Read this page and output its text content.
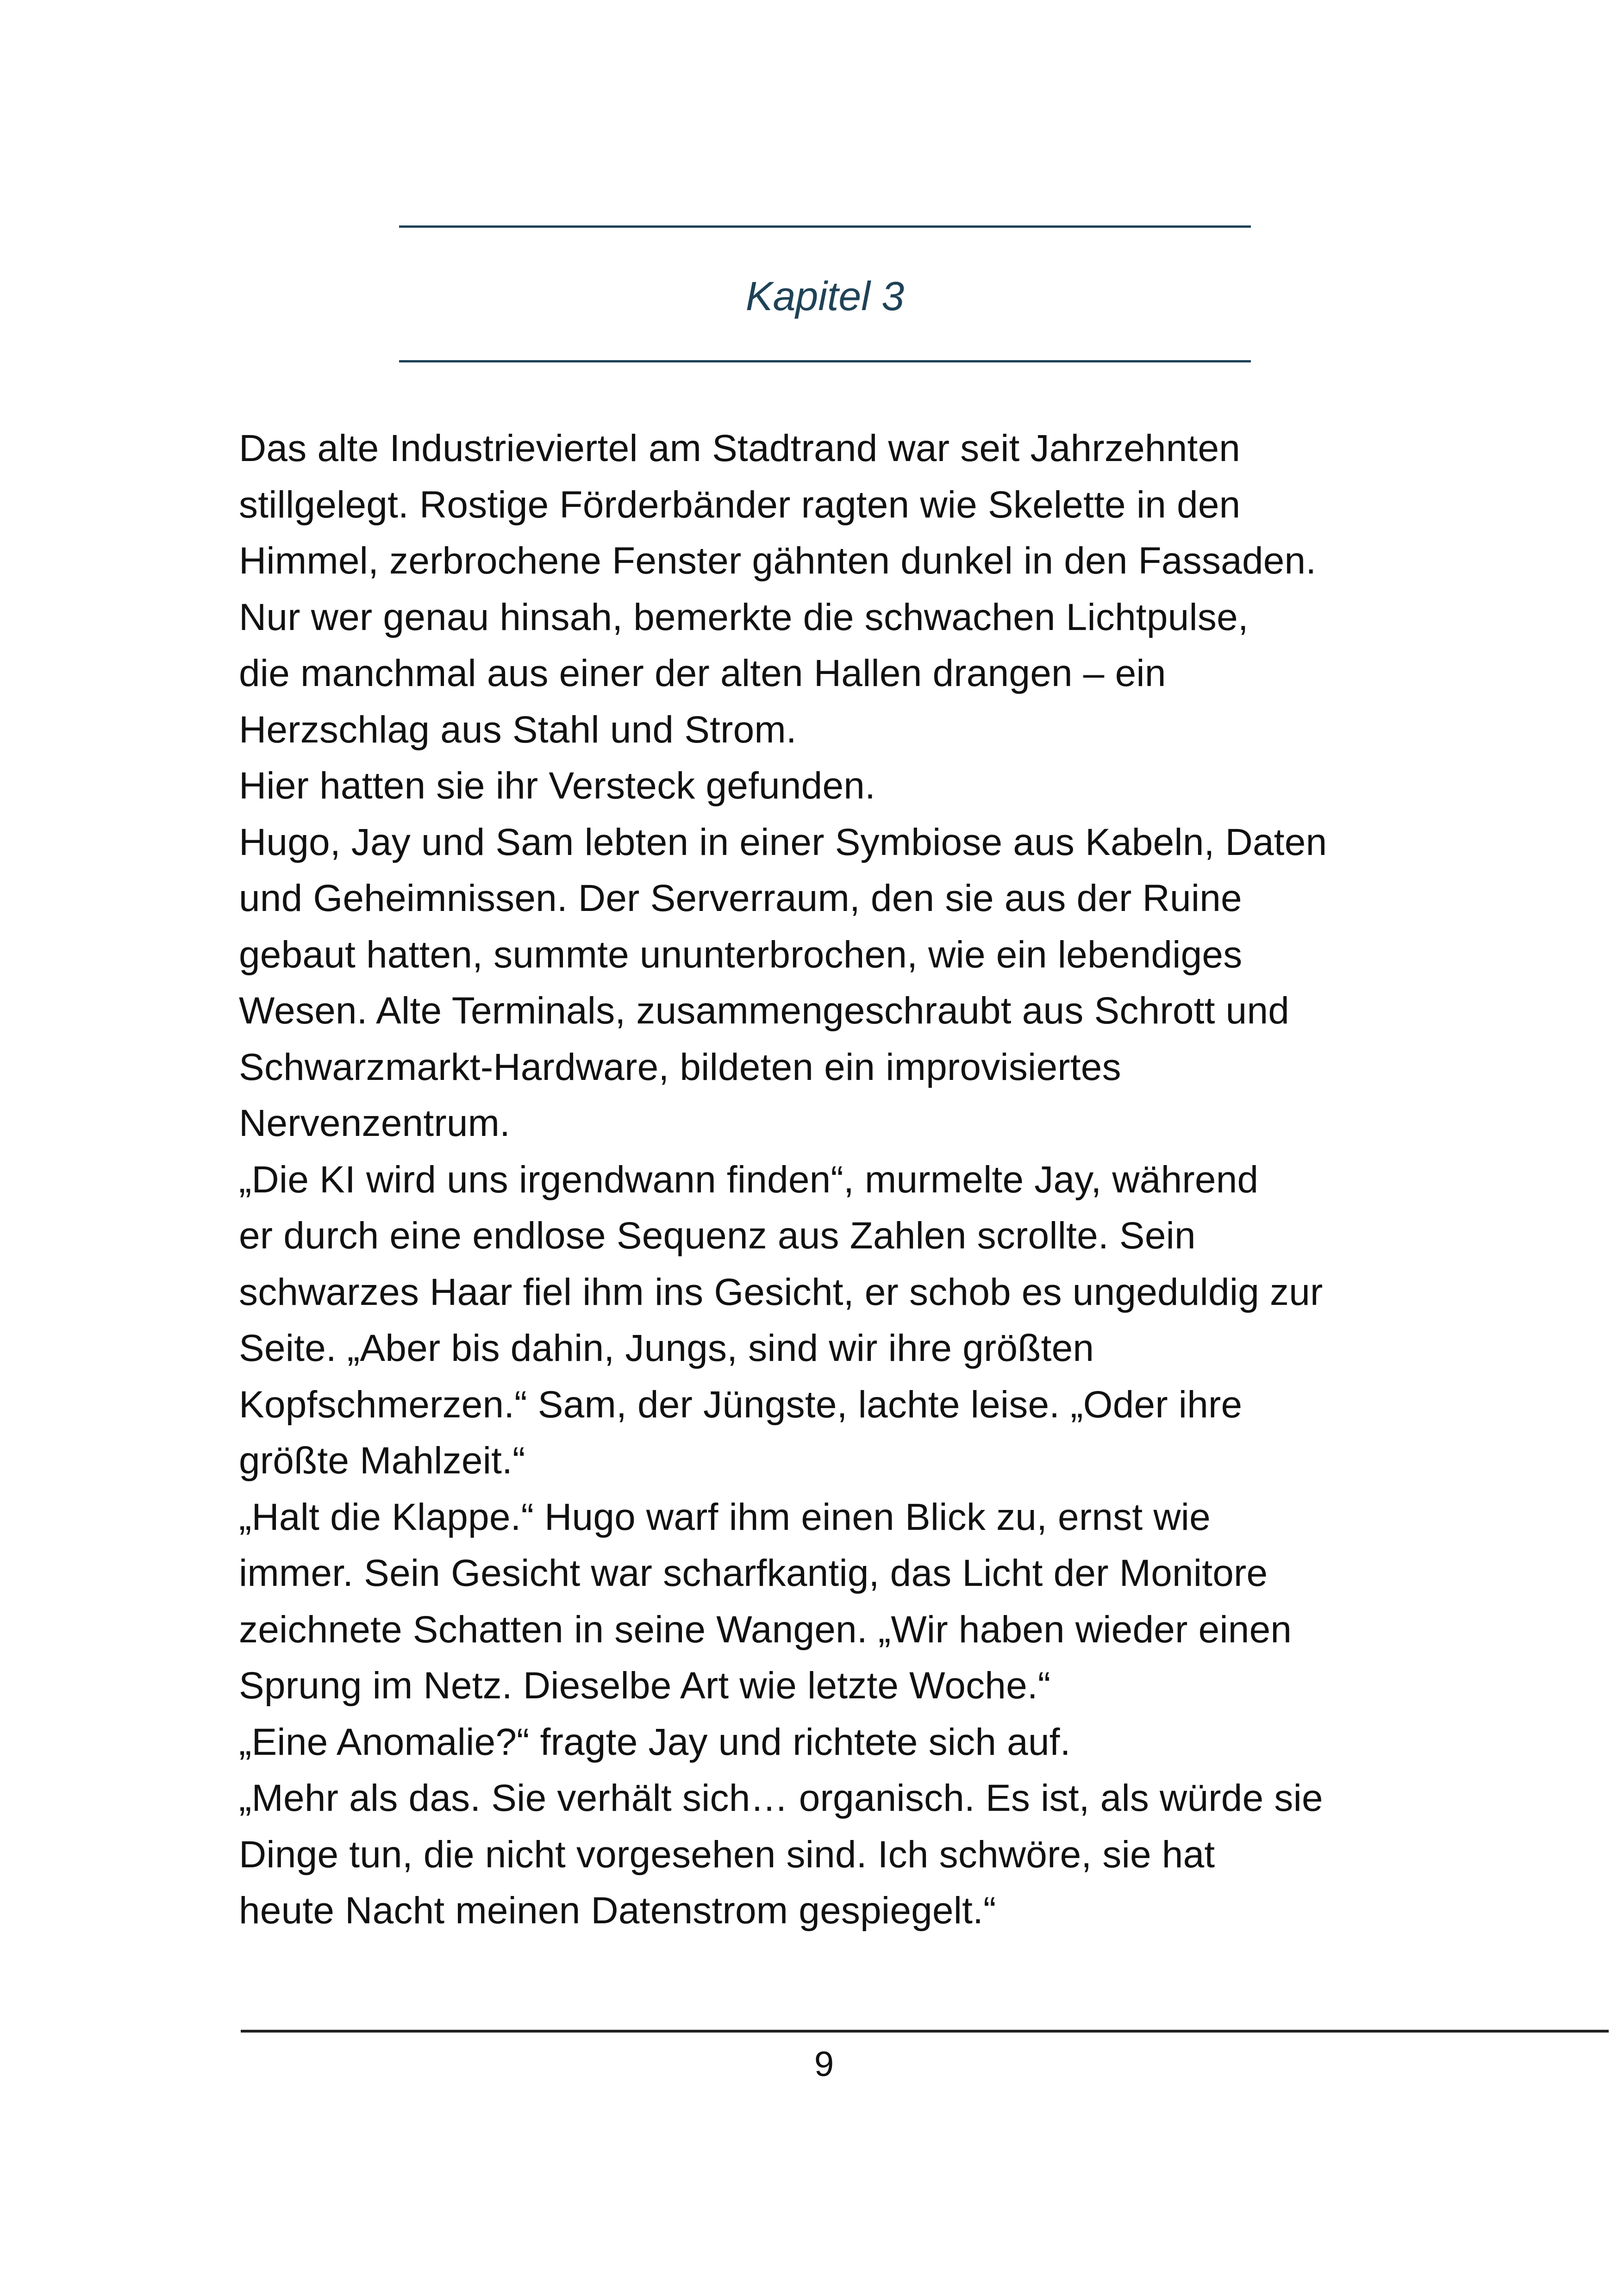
Kapitel 3
Das alte Industrieviertel am Stadtrand war seit Jahrzehnten
stillgelegt. Rostige Förderbänder ragten wie Skelette in den
Himmel, zerbrochene Fenster gähnten dunkel in den Fassaden.
Nur wer genau hinsah, bemerkte die schwachen Lichtpulse,
die manchmal aus einer der alten Hallen drangen – ein
Herzschlag aus Stahl und Strom.
Hier hatten sie ihr Versteck gefunden.
Hugo, Jay und Sam lebten in einer Symbiose aus Kabeln, Daten
und Geheimnissen. Der Serverraum, den sie aus der Ruine
gebaut hatten, summte ununterbrochen, wie ein lebendiges
Wesen. Alte Terminals, zusammengeschraubt aus Schrott und
Schwarzmarkt-Hardware, bildeten ein improvisiertes
Nervenzentrum.
„Die KI wird uns irgendwann finden“, murmelte Jay, während
er durch eine endlose Sequenz aus Zahlen scrollte. Sein
schwarzes Haar fiel ihm ins Gesicht, er schob es ungeduldig zur
Seite. „Aber bis dahin, Jungs, sind wir ihre größten
Kopfschmerzen.“ Sam, der Jüngste, lachte leise. „Oder ihre
größte Mahlzeit.“
„Halt die Klappe.“ Hugo warf ihm einen Blick zu, ernst wie
immer. Sein Gesicht war scharfkantig, das Licht der Monitore
zeichnete Schatten in seine Wangen. „Wir haben wieder einen
Sprung im Netz. Dieselbe Art wie letzte Woche.“
„Eine Anomalie?“ fragte Jay und richtete sich auf.
„Mehr als das. Sie verhält sich… organisch. Es ist, als würde sie
Dinge tun, die nicht vorgesehen sind. Ich schwöre, sie hat
heute Nacht meinen Datenstrom gespiegelt.“
9
